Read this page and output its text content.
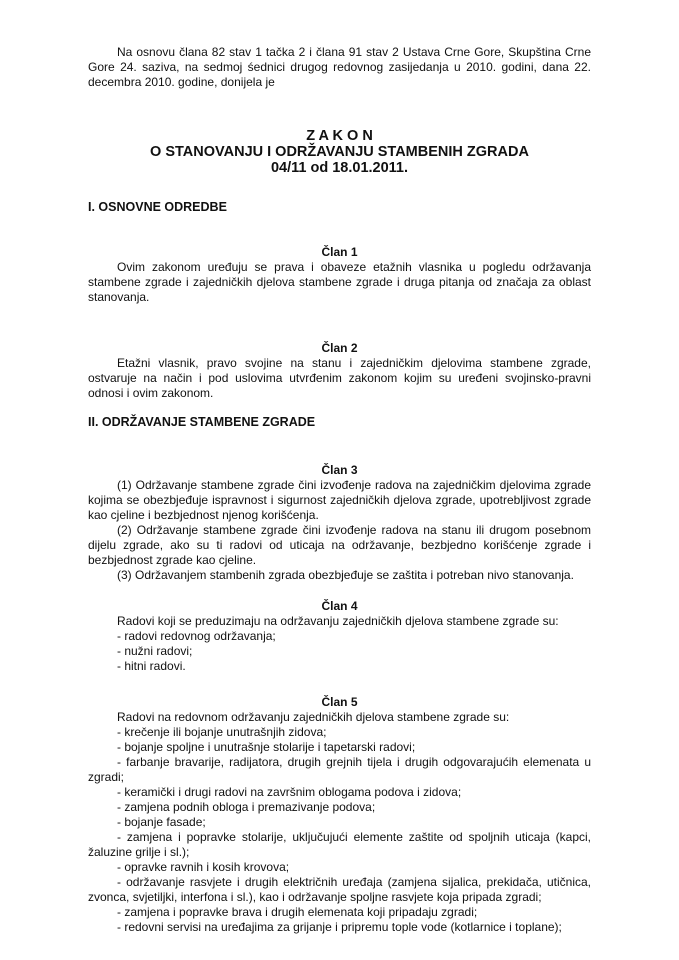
Na osnovu člana 82 stav 1 tačka 2 i člana 91 stav 2 Ustava Crne Gore, Skupština Crne Gore 24. saziva, na sedmoj śednici drugog redovnog zasijedanja u 2010. godini, dana 22. decembra 2010. godine, donijela je

Z A K O N
O STANOVANJU I ODRŽAVANJU STAMBENIH ZGRADA
04/11 od 18.01.2011.
I. OSNOVNE ODREDBE
Član 1

Ovim zakonom uređuju se prava i obaveze etažnih vlasnika u pogledu održavanja stambene zgrade i zajedničkih djelova stambene zgrade i druga pitanja od značaja za oblast stanovanja.

Član 2

Etažni vlasnik, pravo svojine na stanu i zajedničkim djelovima stambene zgrade, ostvaruje na način i pod uslovima utvrđenim zakonom kojim su uređeni svojinsko-pravni odnosi i ovim zakonom.

II. ODRŽAVANJE STAMBENE ZGRADE
Član 3

(1) Održavanje stambene zgrade čini izvođenje radova na zajedničkim djelovima zgrade kojima se obezbjeđuje ispravnost i sigurnost zajedničkih djelova zgrade, upotrebljivost zgrade kao cjeline i bezbjednost njenog korišćenja.

(2) Održavanje stambene zgrade čini izvođenje radova na stanu ili drugom posebnom dijelu zgrade, ako su ti radovi od uticaja na održavanje, bezbjedno korišćenje zgrade i bezbjednost zgrade kao cjeline.

(3) Održavanjem stambenih zgrada obezbjeđuje se zaštita i potreban nivo stanovanja.

Član 4

Radovi koji se preduzimaju na održavanju zajedničkih djelova stambene zgrade su:

- radovi redovnog održavanja;

- nužni radovi;

- hitni radovi.

Član 5

Radovi na redovnom održavanju zajedničkih djelova stambene zgrade su:

- krečenje ili bojanje unutrašnjih zidova;

- bojanje spoljne i unutrašnje stolarije i tapetarski radovi;

- farbanje bravarije, radijatora, drugih grejnih tijela i drugih odgovarajućih elemenata u zgradi;

- keramički i drugi radovi na završnim oblogama podova i zidova;

- zamjena podnih obloga i premazivanje podova;

- bojanje fasade;

- zamjena i popravke stolarije, uključujući elemente zaštite od spoljnih uticaja (kapci, žaluzine grilje i sl.);

- opravke ravnih i kosih krovova;

- održavanje rasvjete i drugih električnih uređaja (zamjena sijalica, prekidača, utičnica, zvonca, svjetiljki, interfona i sl.), kao i održavanje spoljne rasvjete koja pripada zgradi;

- zamjena i popravke brava i drugih elemenata koji pripadaju zgradi;

- redovni servisi na uređajima za grijanje i pripremu tople vode (kotlarnice i toplane);
